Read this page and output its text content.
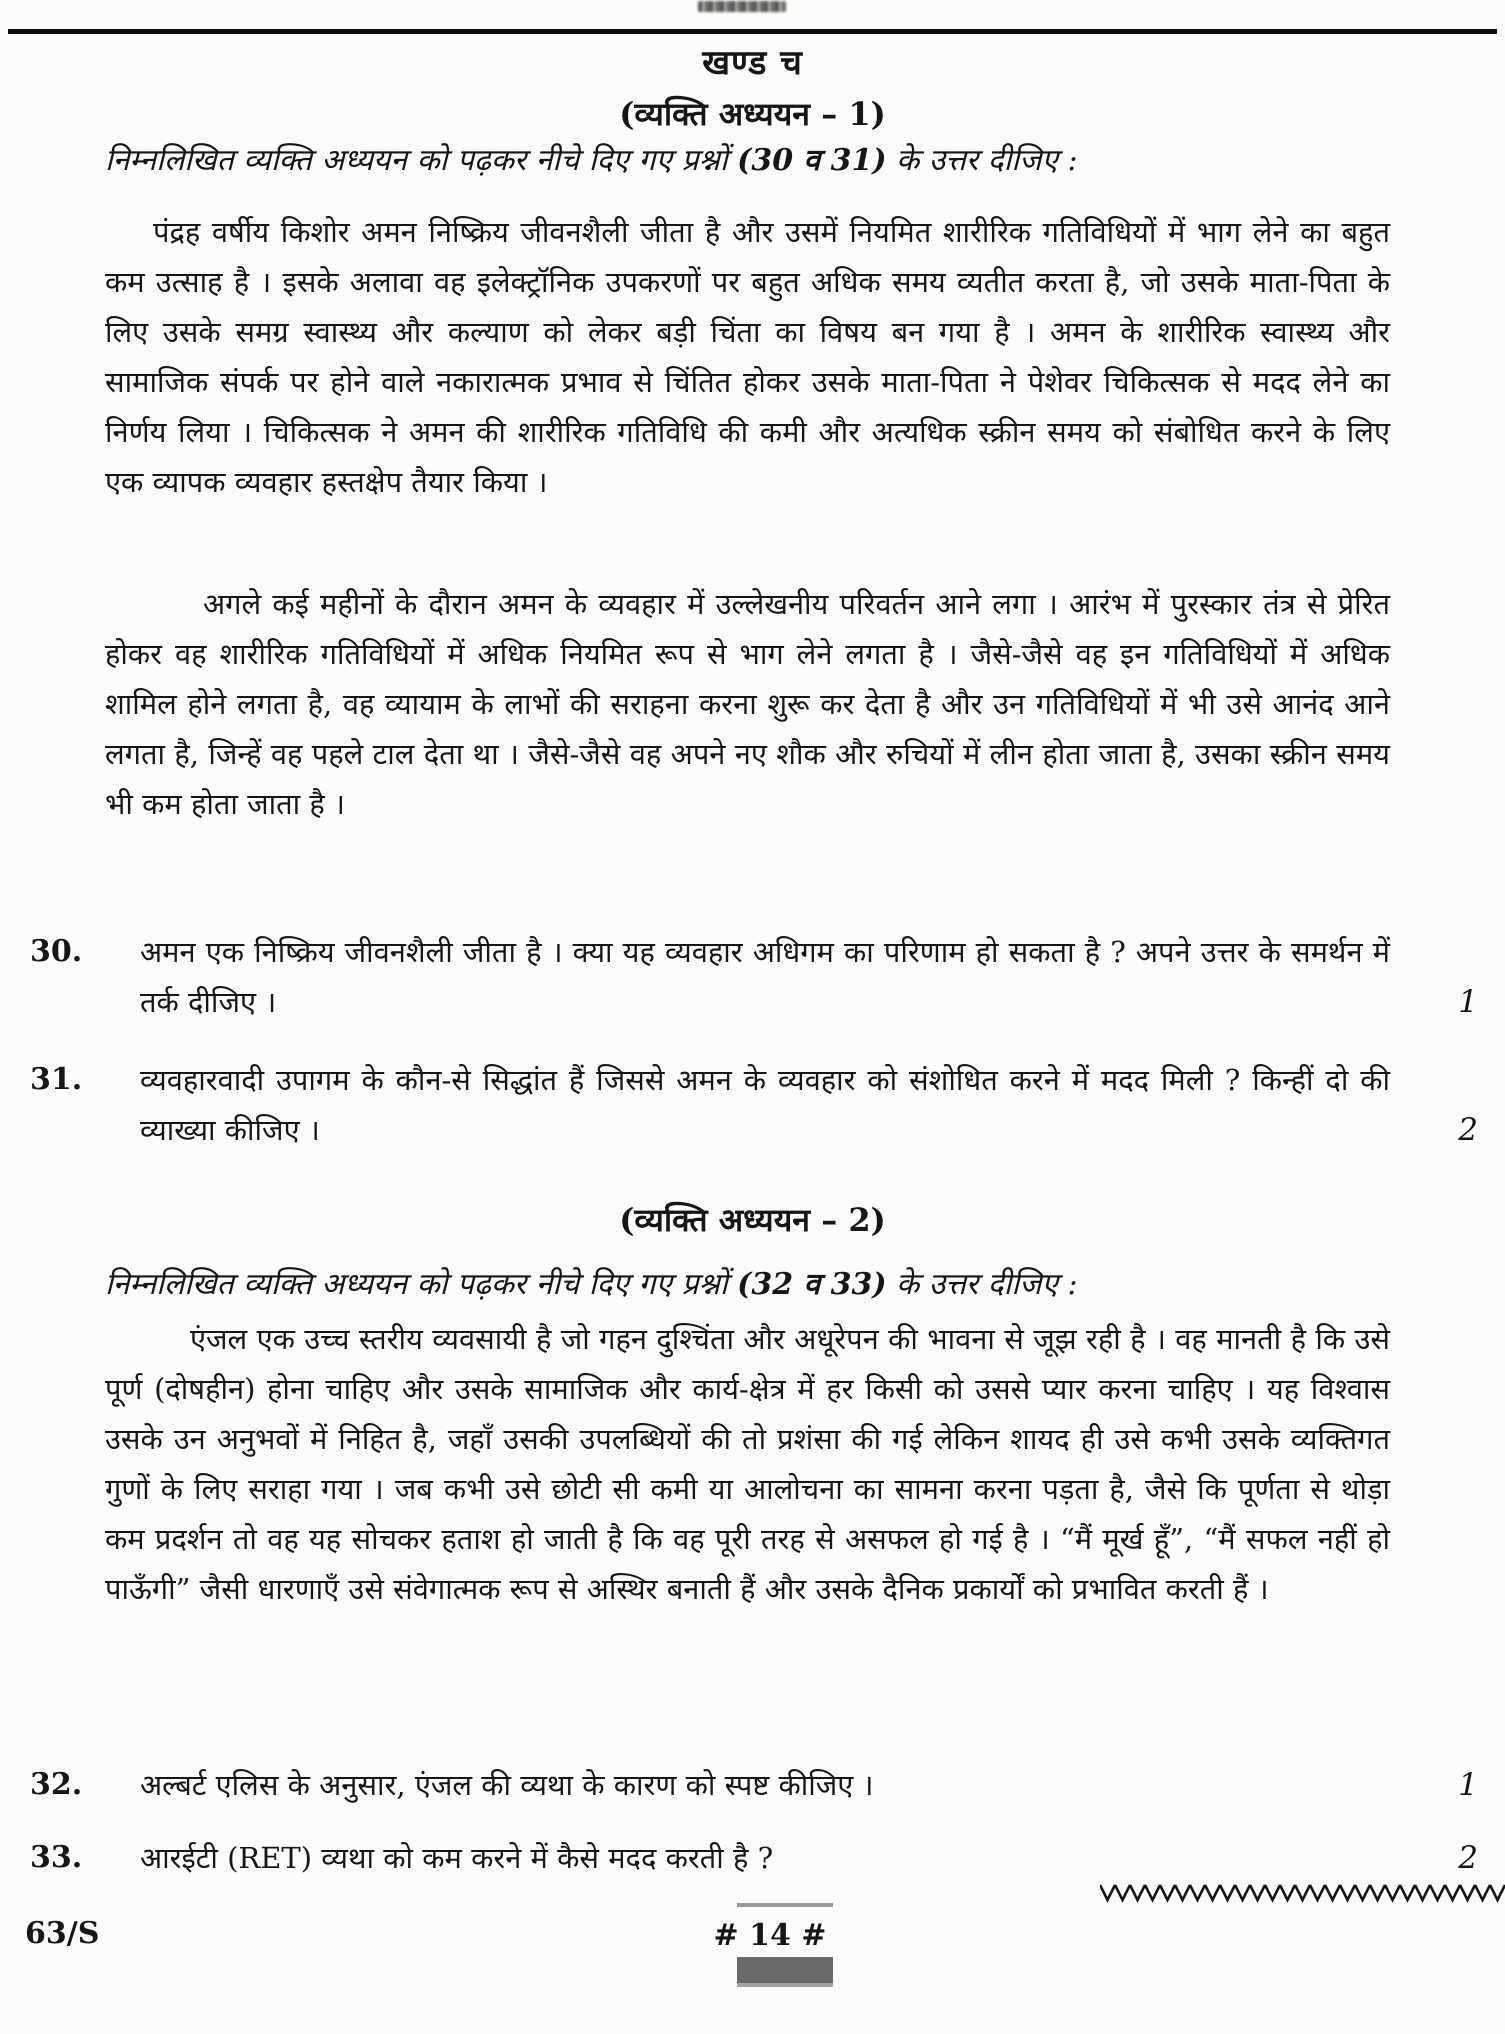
खण्ड च
(व्यक्ति अध्ययन – 1)
निम्नलिखित व्यक्ति अध्ययन को पढ़कर नीचे दिए गए प्रश्नों (30 व 31) के उत्तर दीजिए :
पंद्रह वर्षीय किशोर अमन निष्क्रिय जीवनशैली जीता है और उसमें नियमित शारीरिक गतिविधियों में भाग लेने का बहुत कम उत्साह है । इसके अलावा वह इलेक्ट्रॉनिक उपकरणों पर बहुत अधिक समय व्यतीत करता है, जो उसके माता-पिता के लिए उसके समग्र स्वास्थ्य और कल्याण को लेकर बड़ी चिंता का विषय बन गया है । अमन के शारीरिक स्वास्थ्य और सामाजिक संपर्क पर होने वाले नकारात्मक प्रभाव से चिंतित होकर उसके माता-पिता ने पेशेवर चिकित्सक से मदद लेने का निर्णय लिया । चिकित्सक ने अमन की शारीरिक गतिविधि की कमी और अत्यधिक स्क्रीन समय को संबोधित करने के लिए एक व्यापक व्यवहार हस्तक्षेप तैयार किया ।
अगले कई महीनों के दौरान अमन के व्यवहार में उल्लेखनीय परिवर्तन आने लगा । आरंभ में पुरस्कार तंत्र से प्रेरित होकर वह शारीरिक गतिविधियों में अधिक नियमित रूप से भाग लेने लगता है । जैसे-जैसे वह इन गतिविधियों में अधिक शामिल होने लगता है, वह व्यायाम के लाभों की सराहना करना शुरू कर देता है और उन गतिविधियों में भी उसे आनंद आने लगता है, जिन्हें वह पहले टाल देता था । जैसे-जैसे वह अपने नए शौक और रुचियों में लीन होता जाता है, उसका स्क्रीन समय भी कम होता जाता है ।
30.	अमन एक निष्क्रिय जीवनशैली जीता है । क्या यह व्यवहार अधिगम का परिणाम हो सकता है ? अपने उत्तर के समर्थन में तर्क दीजिए ।	1
31.	व्यवहारवादी उपागम के कौन-से सिद्धांत हैं जिससे अमन के व्यवहार को संशोधित करने में मदद मिली ? किन्हीं दो की व्याख्या कीजिए ।	2
(व्यक्ति अध्ययन – 2)
निम्नलिखित व्यक्ति अध्ययन को पढ़कर नीचे दिए गए प्रश्नों (32 व 33) के उत्तर दीजिए :
एंजल एक उच्च स्तरीय व्यवसायी है जो गहन दुश्चिंता और अधूरेपन की भावना से जूझ रही है । वह मानती है कि उसे पूर्ण (दोषहीन) होना चाहिए और उसके सामाजिक और कार्य-क्षेत्र में हर किसी को उससे प्यार करना चाहिए । यह विश्वास उसके उन अनुभवों में निहित है, जहाँ उसकी उपलब्धियों की तो प्रशंसा की गई लेकिन शायद ही उसे कभी उसके व्यक्तिगत गुणों के लिए सराहा गया । जब कभी उसे छोटी सी कमी या आलोचना का सामना करना पड़ता है, जैसे कि पूर्णता से थोड़ा कम प्रदर्शन तो वह यह सोचकर हताश हो जाती है कि वह पूरी तरह से असफल हो गई है । “मैं मूर्ख हूँ”, “मैं सफल नहीं हो पाऊँगी” जैसी धारणाएँ उसे संवेगात्मक रूप से अस्थिर बनाती हैं और उसके दैनिक प्रकार्यों को प्रभावित करती हैं ।
32.	अल्बर्ट एलिस के अनुसार, एंजल की व्यथा के कारण को स्पष्ट कीजिए ।	1
33.	आरईटी (RET) व्यथा को कम करने में कैसे मदद करती है ?	2
63/S	# 14 #
